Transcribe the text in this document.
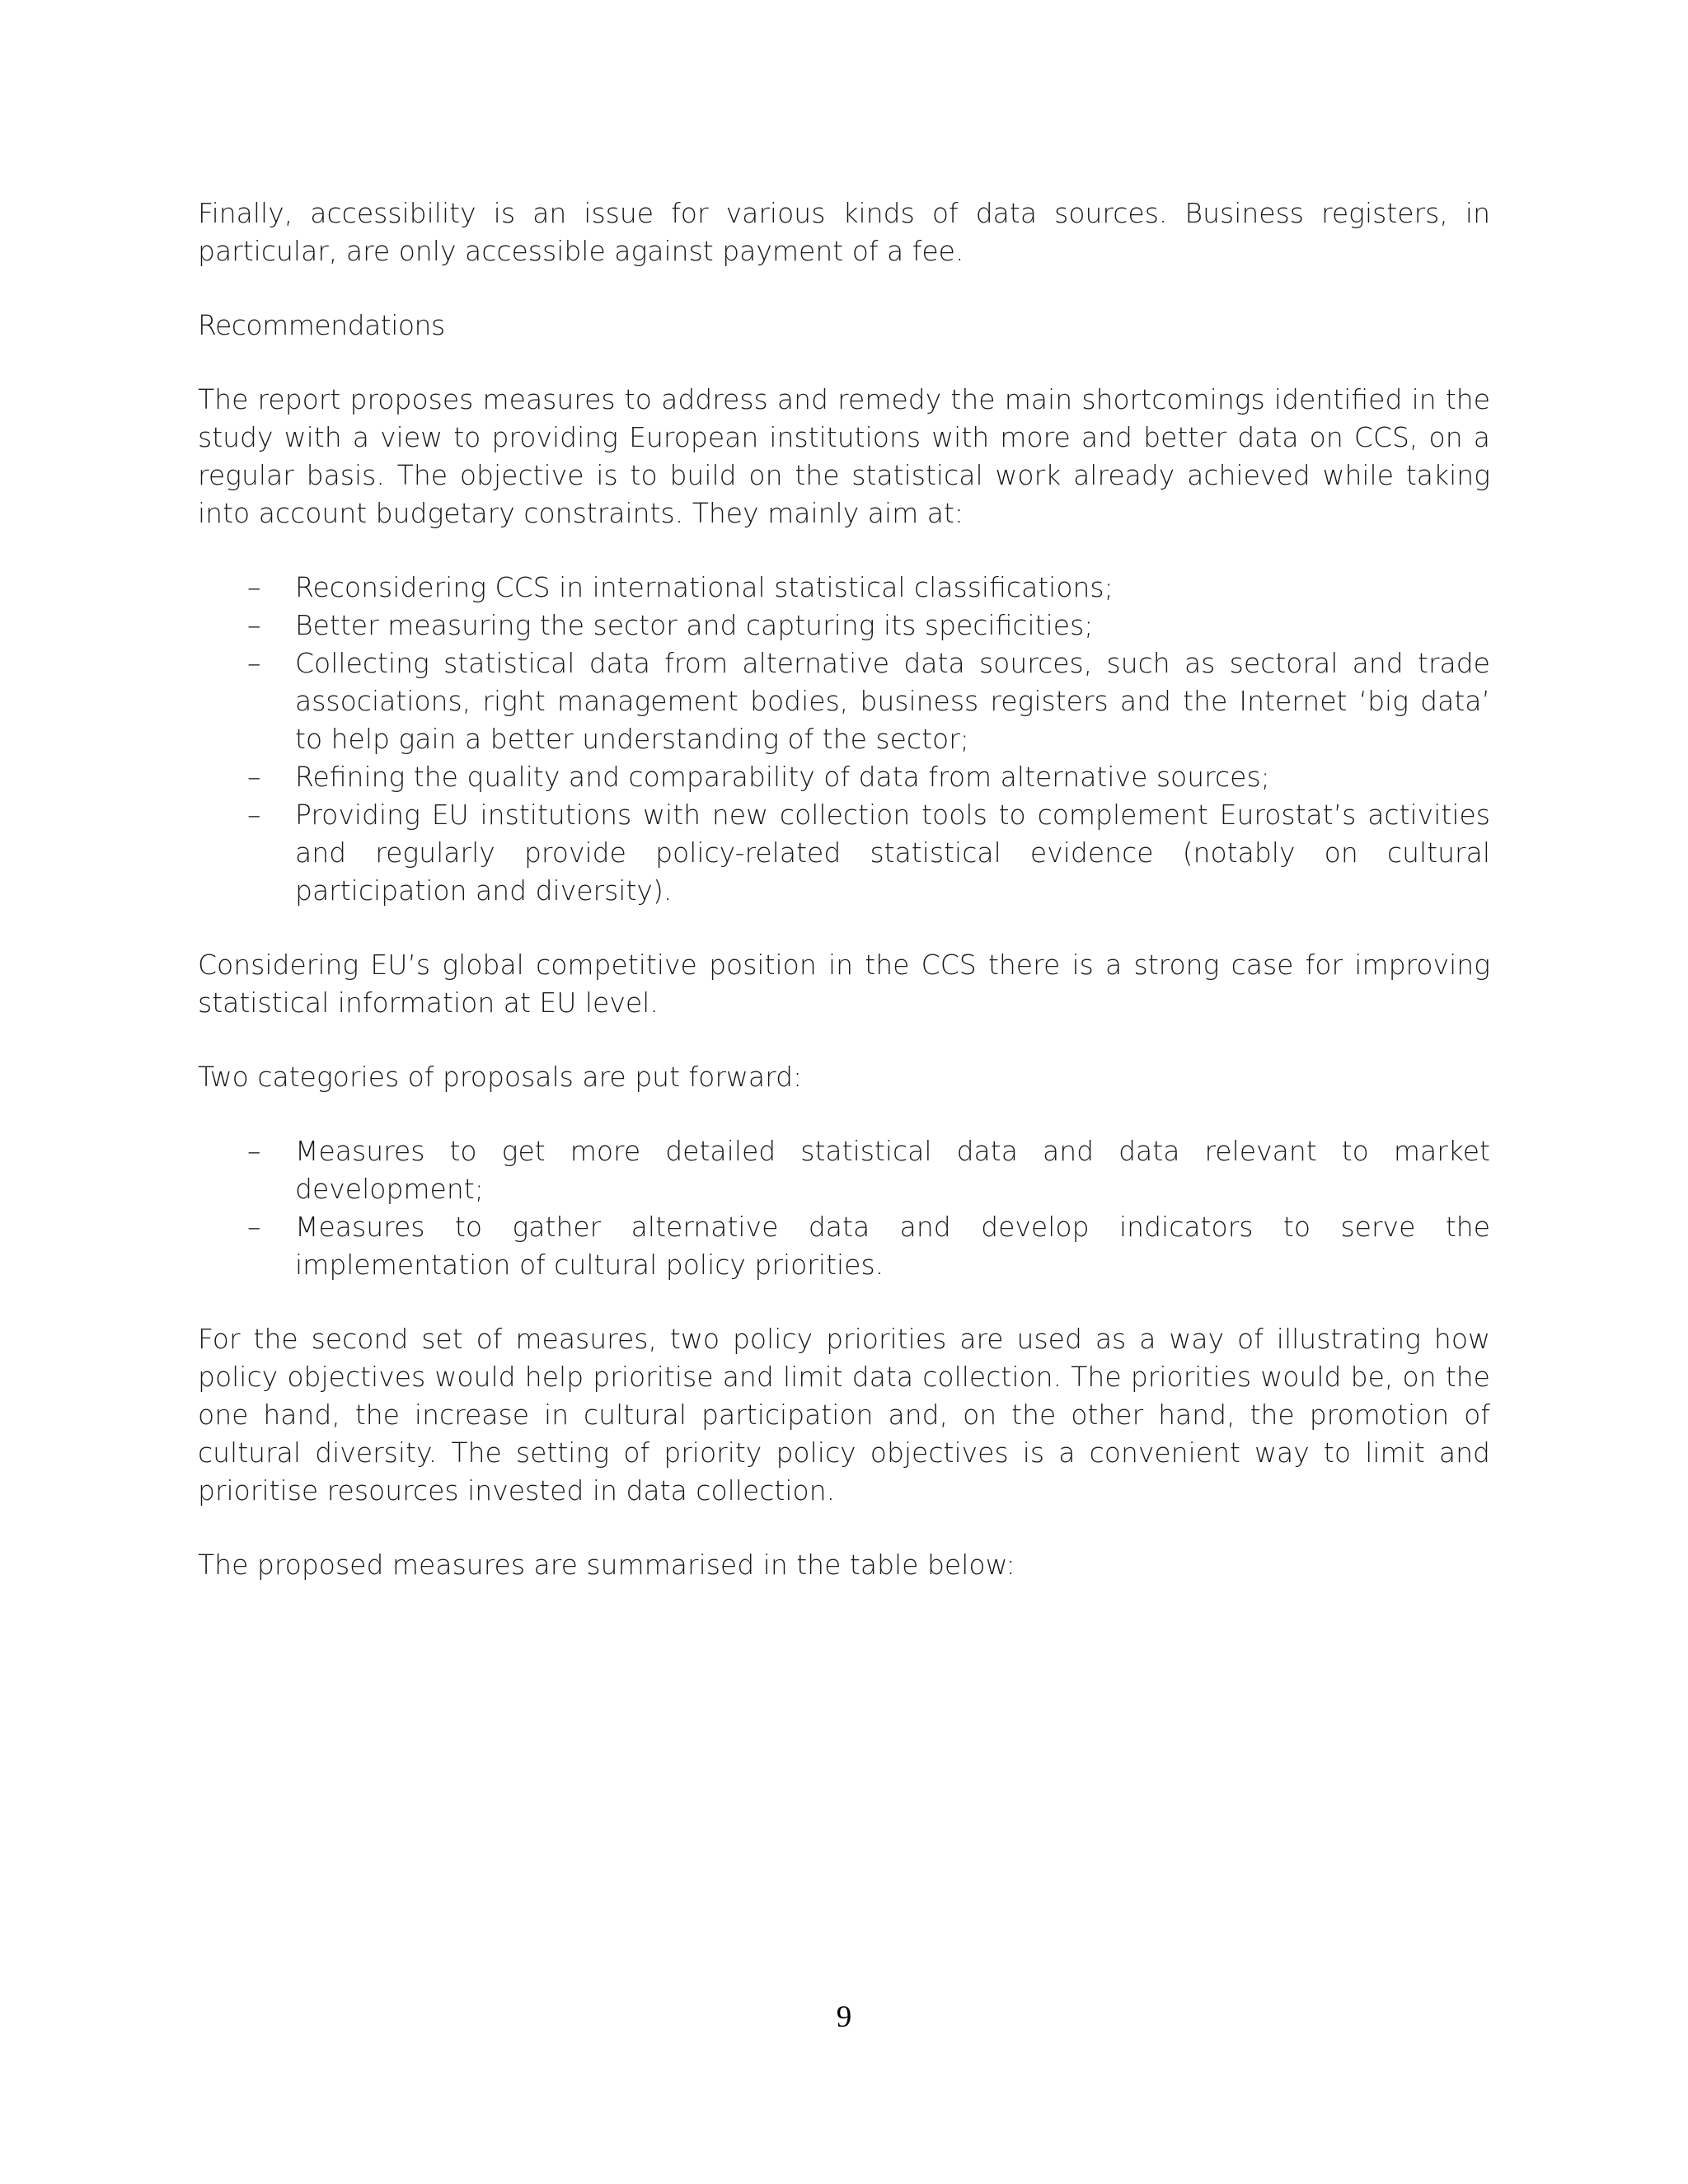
Finally, accessibility is an issue for various kinds of data sources. Business registers, in particular, are only accessible against payment of a fee.

Recommendations

The report proposes measures to address and remedy the main shortcomings identified in the study with a view to providing European institutions with more and better data on CCS, on a regular basis. The objective is to build on the statistical work already achieved while taking into account budgetary constraints. They mainly aim at:

–	Reconsidering CCS in international statistical classifications;
–	Better measuring the sector and capturing its specificities;
–	Collecting statistical data from alternative data sources, such as sectoral and trade associations, right management bodies, business registers and the Internet ‘big data’ to help gain a better understanding of the sector;
–	Refining the quality and comparability of data from alternative sources;
–	Providing EU institutions with new collection tools to complement Eurostat’s activities and regularly provide policy-related statistical evidence (notably on cultural participation and diversity).

Considering EU’s global competitive position in the CCS there is a strong case for improving statistical information at EU level.

Two categories of proposals are put forward:

–	Measures to get more detailed statistical data and data relevant to market development;
–	Measures to gather alternative data and develop indicators to serve the implementation of cultural policy priorities.

For the second set of measures, two policy priorities are used as a way of illustrating how policy objectives would help prioritise and limit data collection. The priorities would be, on the one hand, the increase in cultural participation and, on the other hand, the promotion of cultural diversity. The setting of priority policy objectives is a convenient way to limit and prioritise resources invested in data collection.

The proposed measures are summarised in the table below:

9
